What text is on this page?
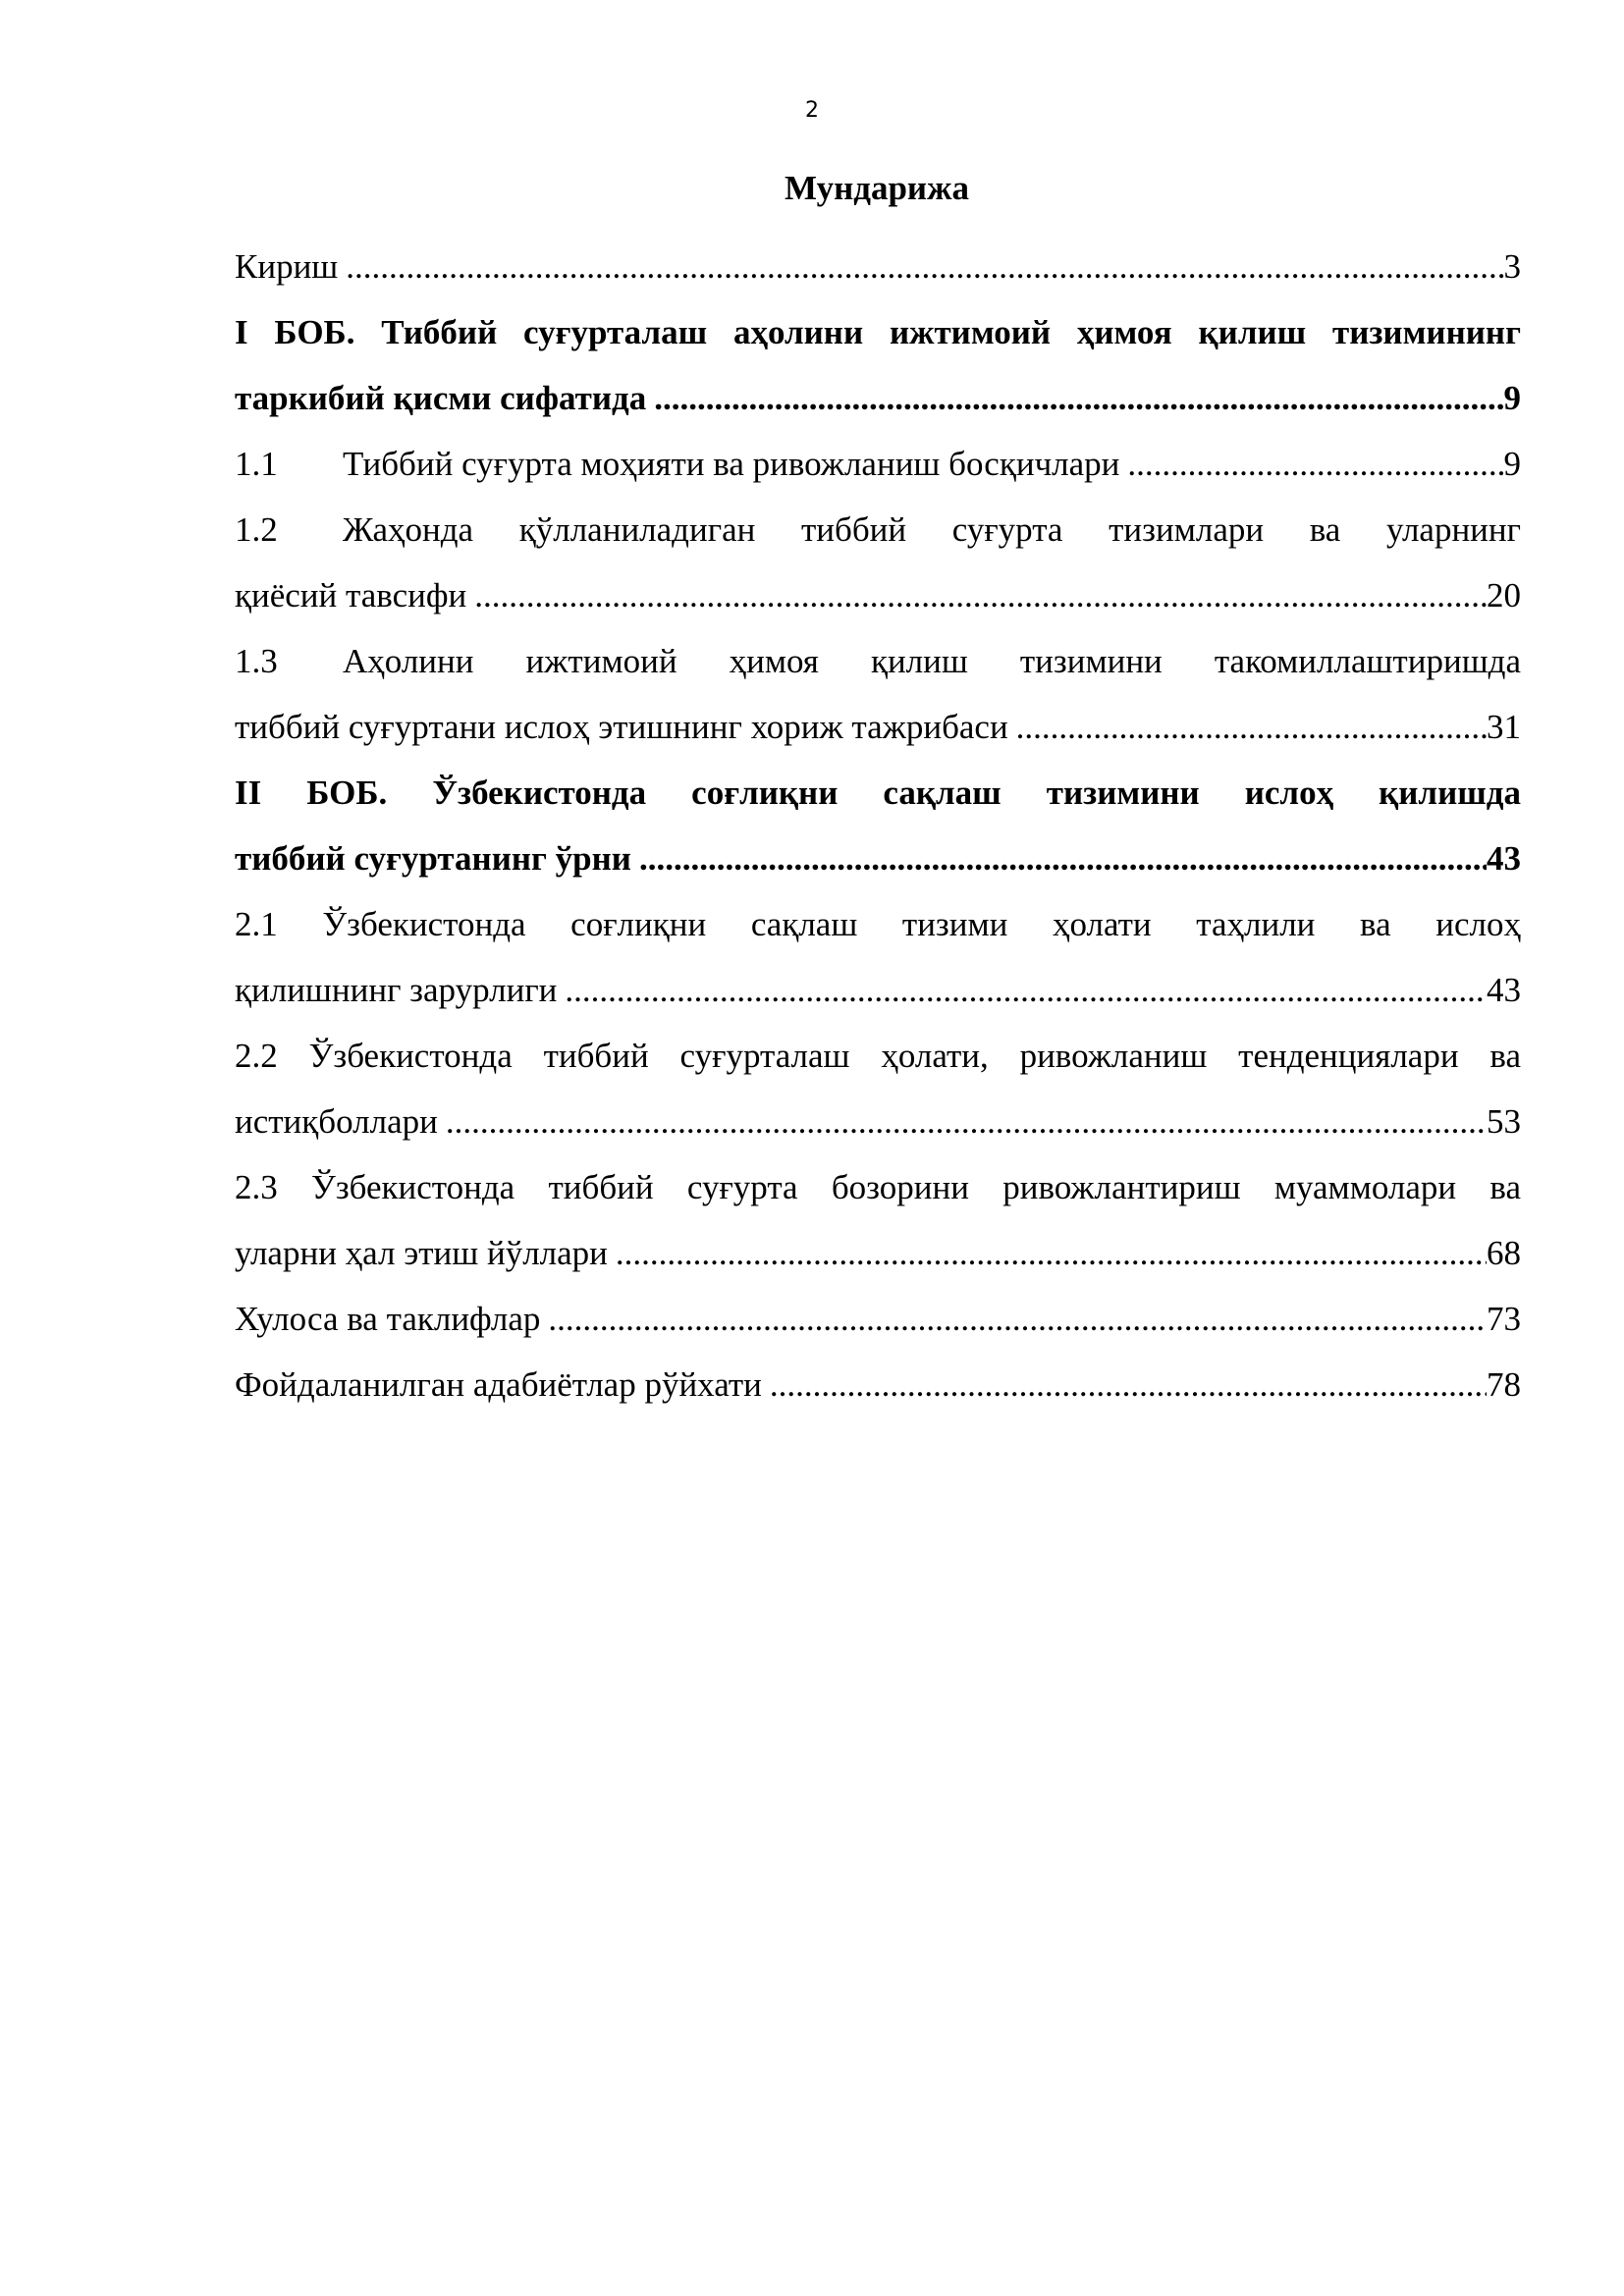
2
Мундарижа
Кириш .....	3
I БОБ. Тиббий суғурталаш аҳолини ижтимоий ҳимоя қилиш тизимининг
таркибий қисми сифатида .....	9
1.1 Тиббий суғурта моҳияти ва ривожланиш босқичлари .....	9
1.2 Жаҳонда қўлланиладиган тиббий суғурта тизимлари ва уларнинг
қиёсий тавсифи .....	20
1.3 Аҳолини ижтимоий ҳимоя қилиш тизимини такомиллаштиришда
тиббий суғуртани ислоҳ этишнинг хориж тажрибаси .....	31
II БОБ. Ўзбекистонда соғлиқни сақлаш тизимини ислоҳ қилишда
тиббий суғуртанинг ўрни .....	43
2.1 Ўзбекистонда соғлиқни сақлаш тизими ҳолати таҳлили ва ислоҳ
қилишнинг зарурлиги .....	43
2.2 Ўзбекистонда тиббий суғурталаш ҳолати, ривожланиш тенденциялари ва
истиқболлари .....	53
2.3 Ўзбекистонда тиббий суғурта бозорини ривожлантириш муаммолари ва
уларни ҳал этиш йўллари .....	68
Хулоса ва таклифлар .....	73
Фойдаланилган адабиётлар рўйхати .....	78
